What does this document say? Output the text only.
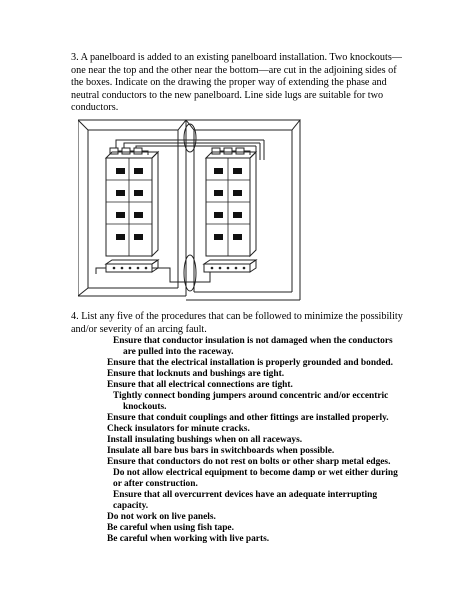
3. A panelboard is added to an existing panelboard installation. Two knockouts—one near the top and the other near the bottom—are cut in the adjoining sides of the boxes. Indicate on the drawing the proper way of extending the phase and neutral conductors to the new panelboard. Line side lugs are suitable for two conductors.
4. List any five of the procedures that can be followed to minimize the possibility and/or severity of an arcing fault.
Ensure that conductor insulation is not damaged when the conductors
are pulled into the raceway.
Ensure that the electrical installation is properly grounded and bonded.
Ensure that locknuts and bushings are tight.
Ensure that all electrical connections are tight.
Tightly connect bonding jumpers around concentric and/or eccentric
knockouts.
Ensure that conduit couplings and other fittings are installed properly.
Check insulators for minute cracks.
Install insulating bushings when on all raceways.
Insulate all bare bus bars in switchboards when possible.
Ensure that conductors do not rest on bolts or other sharp metal edges.
Do not allow electrical equipment to become damp or wet either during
or after construction.
Ensure that all overcurrent devices have an adequate interrupting
capacity.
Do not work on live panels.
Be careful when using fish tape.
Be careful when working with live parts.
